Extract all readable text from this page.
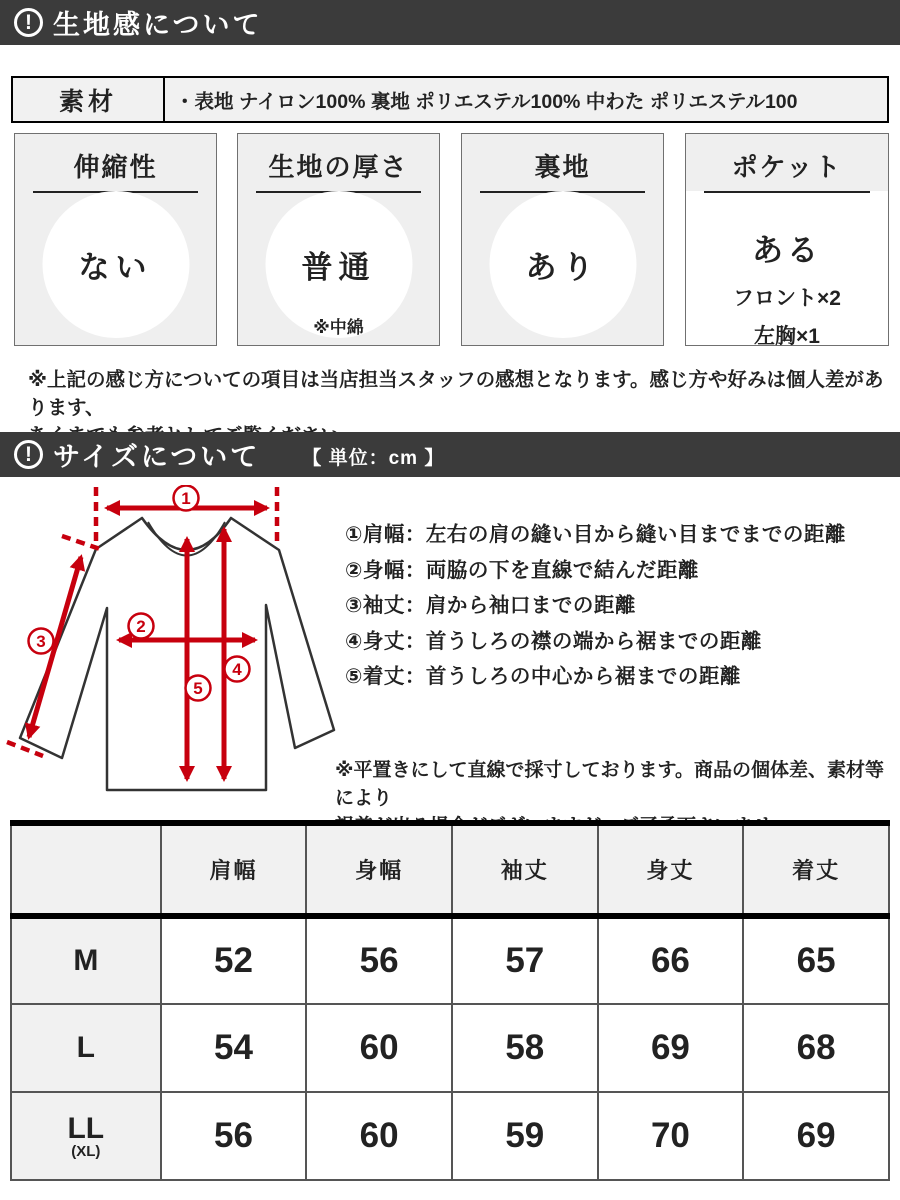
! 生地感について
素材	・表地 ナイロン100% 裏地 ポリエステル100% 中わた ポリエステル100
伸縮性
ない
生地の厚さ
普通
※中綿
裏地
あり
ポケット
ある
フロント×2
左胸×1
※上記の感じ方についての項目は当店担当スタッフの感想となります。感じ方や好みは個人差があります、
! サイズについて 【 単位：cm 】
1
2
3
4
5
①肩幅：左右の肩の縫い目から縫い目までまでの距離
②身幅：両脇の下を直線で結んだ距離
③袖丈：肩から袖口までの距離
④身丈：首うしろの襟の端から裾までの距離
⑤着丈：首うしろの中心から裾までの距離
※平置きにして直線で採寸しております。商品の個体差、素材等により
	肩幅	身幅	袖丈	身丈	着丈
M	52	56	57	66	65
L	54	60	58	69	68
LL
(XL)	56	60	59	70	69
